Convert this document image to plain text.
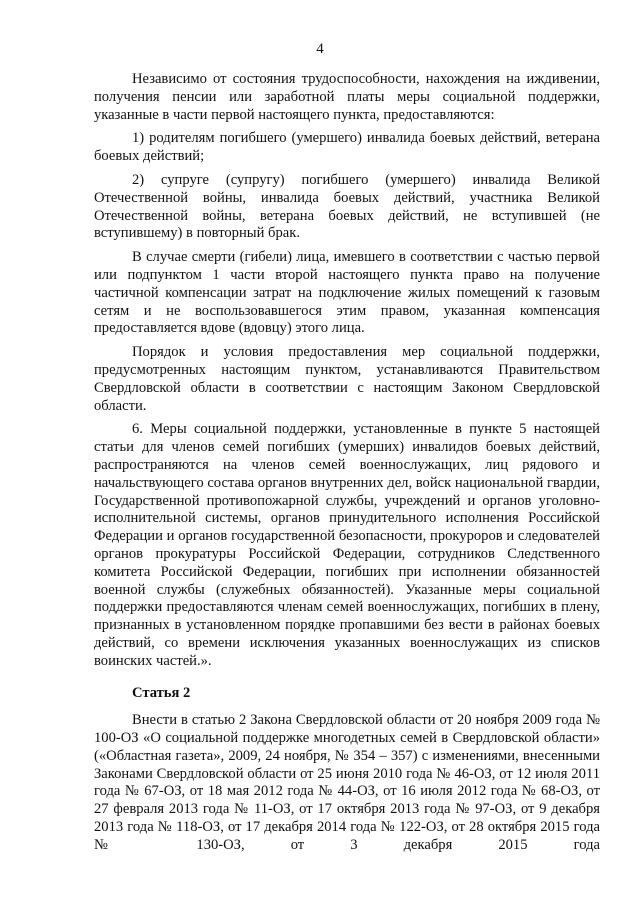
4

Независимо от состояния трудоспособности, нахождения на иждивении, получения пенсии или заработной платы меры социальной поддержки, указанные в части первой настоящего пункта, предоставляются:

1) родителям погибшего (умершего) инвалида боевых действий, ветерана боевых действий;

2) супруге (супругу) погибшего (умершего) инвалида Великой Отечественной войны, инвалида боевых действий, участника Великой Отечественной войны, ветерана боевых действий, не вступившей (не вступившему) в повторный брак.

В случае смерти (гибели) лица, имевшего в соответствии с частью первой или подпунктом 1 части второй настоящего пункта право на получение частичной компенсации затрат на подключение жилых помещений к газовым сетям и не воспользовавшегося этим правом, указанная компенсация предоставляется вдове (вдовцу) этого лица.

Порядок и условия предоставления мер социальной поддержки, предусмотренных настоящим пунктом, устанавливаются Правительством Свердловской области в соответствии с настоящим Законом Свердловской области.

6. Меры социальной поддержки, установленные в пункте 5 настоящей статьи для членов семей погибших (умерших) инвалидов боевых действий, распространяются на членов семей военнослужащих, лиц рядового и начальствующего состава органов внутренних дел, войск национальной гвардии, Государственной противопожарной службы, учреждений и органов уголовно-исполнительной системы, органов принудительного исполнения Российской Федерации и органов государственной безопасности, прокуроров и следователей органов прокуратуры Российской Федерации, сотрудников Следственного комитета Российской Федерации, погибших при исполнении обязанностей военной службы (служебных обязанностей). Указанные меры социальной поддержки предоставляются членам семей военнослужащих, погибших в плену, признанных в установленном порядке пропавшими без вести в районах боевых действий, со времени исключения указанных военнослужащих из списков воинских частей.».

Статья 2

Внести в статью 2 Закона Свердловской области от 20 ноября 2009 года № 100-ОЗ «О социальной поддержке многодетных семей в Свердловской области» («Областная газета», 2009, 24 ноября, № 354 – 357) с изменениями, внесенными Законами Свердловской области от 25 июня 2010 года № 46-ОЗ, от 12 июля 2011 года № 67-ОЗ, от 18 мая 2012 года № 44-ОЗ, от 16 июля 2012 года № 68-ОЗ, от 27 февраля 2013 года № 11-ОЗ, от 17 октября 2013 года № 97-ОЗ, от 9 декабря 2013 года № 118-ОЗ, от 17 декабря 2014 года № 122-ОЗ, от 28 октября 2015 года № 130-ОЗ, от 3 декабря 2015 года
